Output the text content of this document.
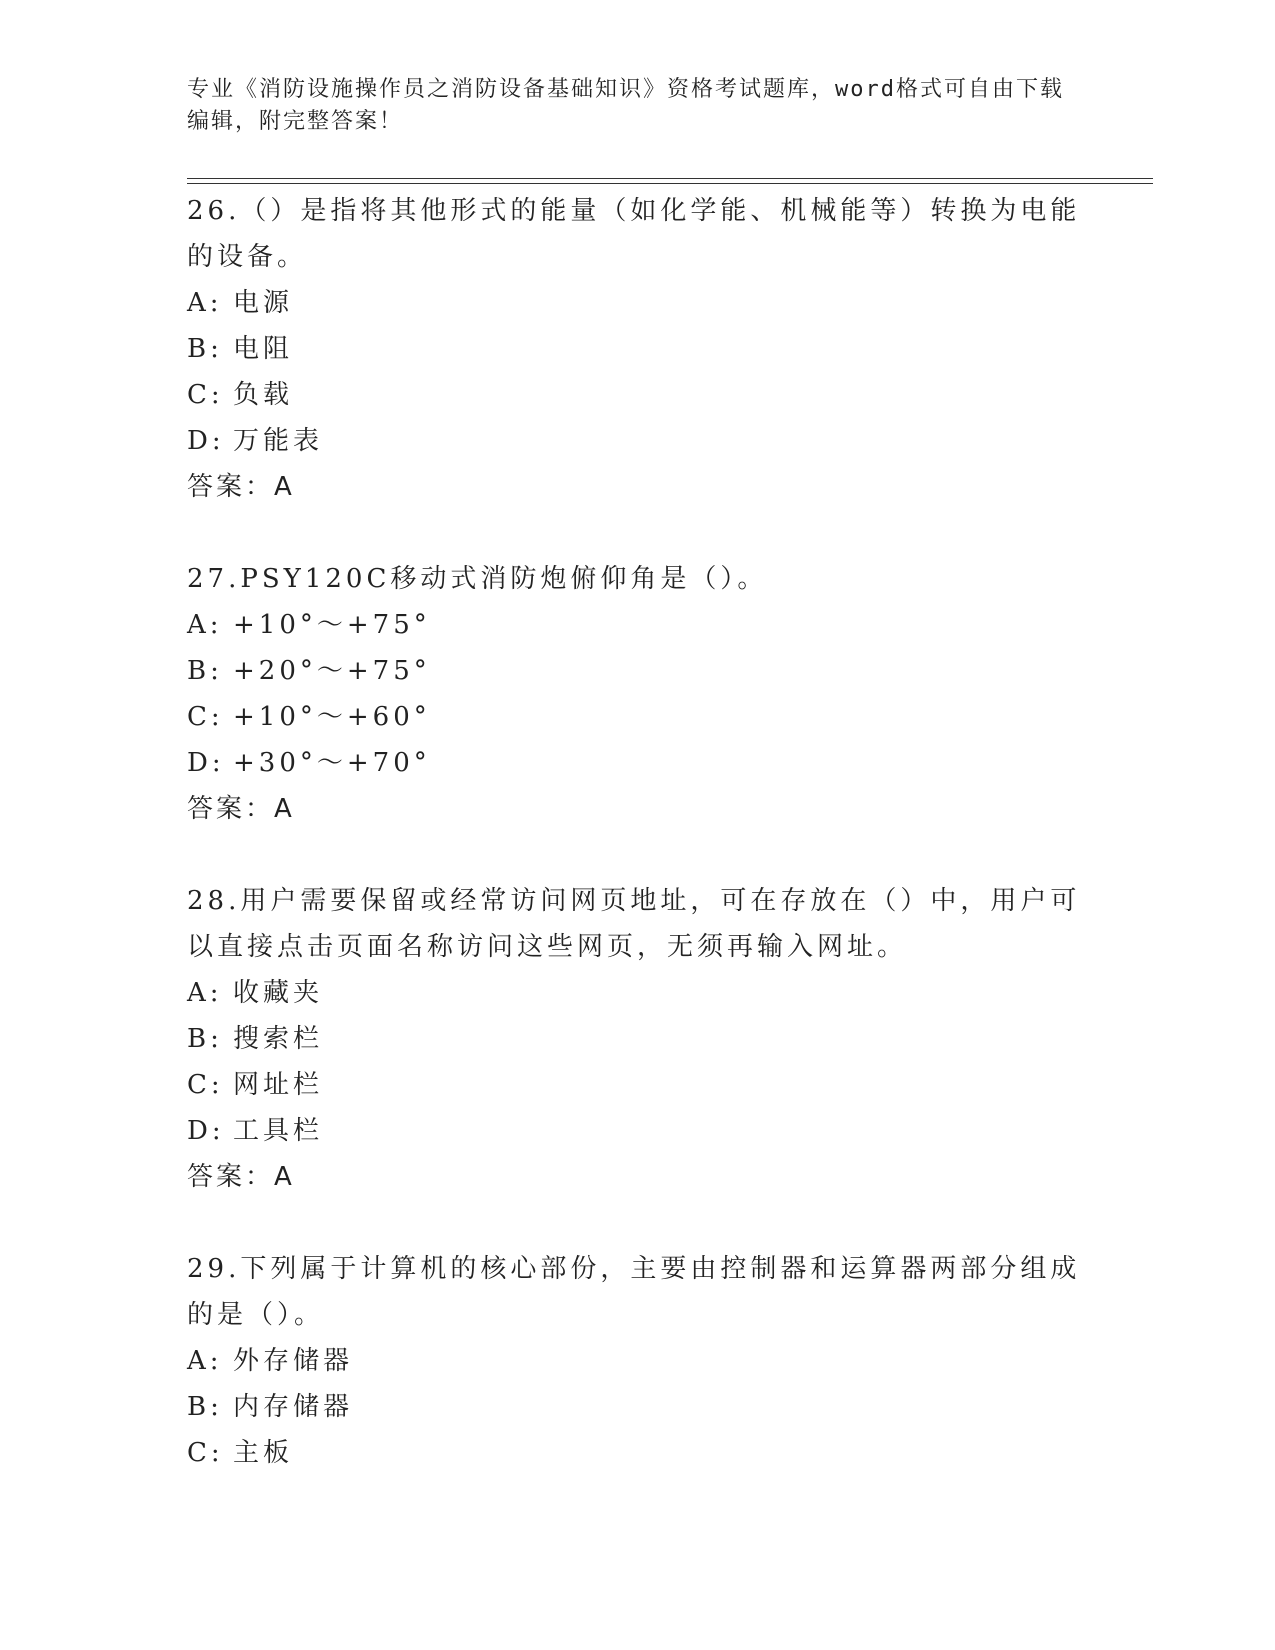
专业《消防设施操作员之消防设备基础知识》资格考试题库，word格式可自由下载编辑，附完整答案！
26.（）是指将其他形式的能量（如化学能、机械能等）转换为电能的设备。
A: 电源
B: 电阻
C: 负载
D: 万能表
答案：A
27.PSY120C移动式消防炮俯仰角是（）。
A: +10°～+75°
B: +20°～+75°
C: +10°～+60°
D: +30°～+70°
答案：A
28.用户需要保留或经常访问网页地址，可在存放在（）中，用户可以直接点击页面名称访问这些网页，无须再输入网址。
A: 收藏夹
B: 搜索栏
C: 网址栏
D: 工具栏
答案：A
29.下列属于计算机的核心部份，主要由控制器和运算器两部分组成的是（）。
A: 外存储器
B: 内存储器
C: 主板
